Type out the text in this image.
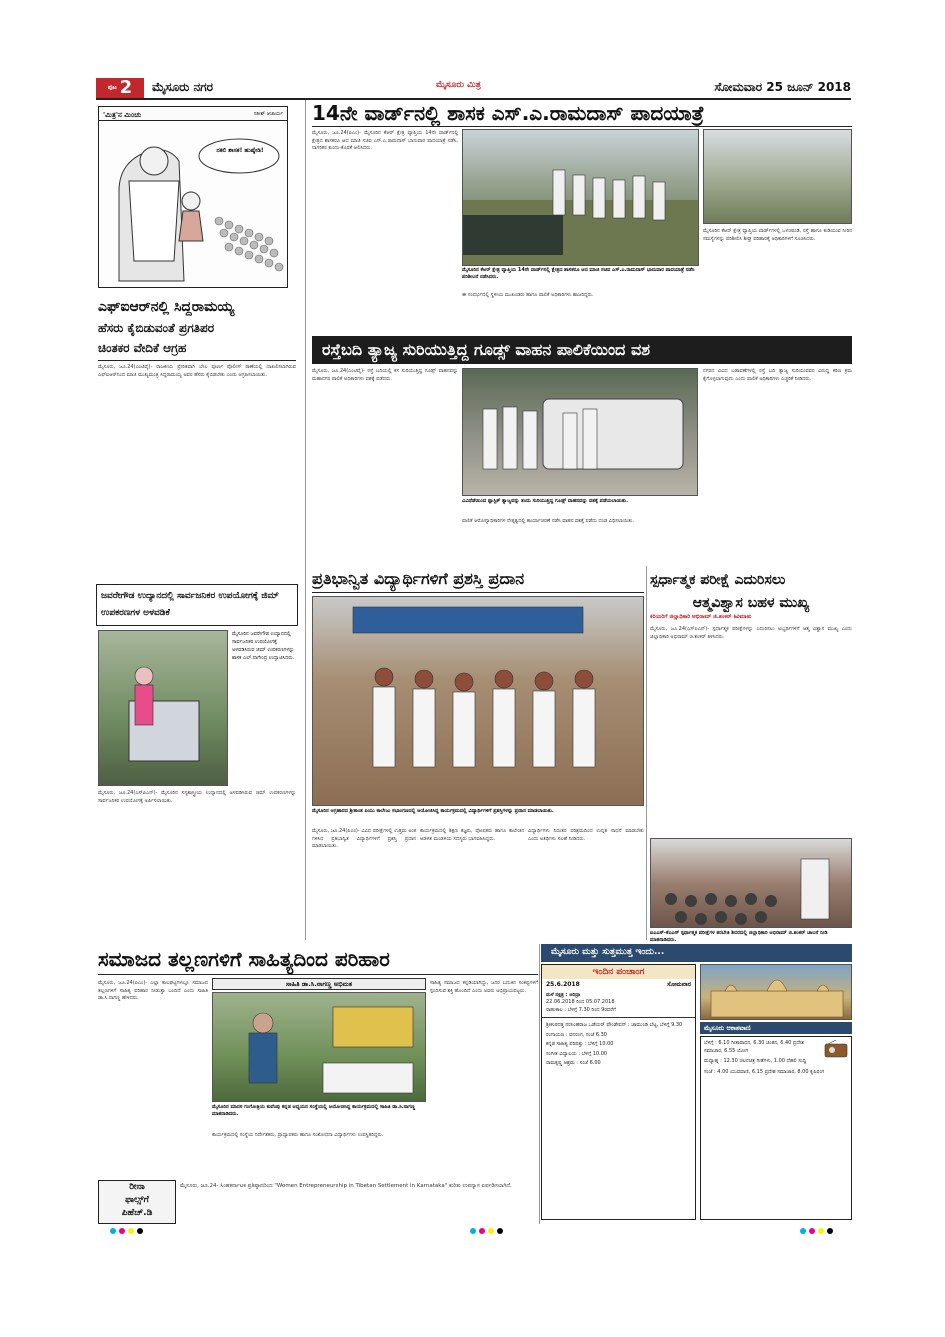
ಪುಟ 2 ಮೈಸೂರು ನಗರ	ಮೈಸೂರು ಮಿತ್ರ	ಸೋಮವಾರ 25 ಜೂನ್ 2018
'ಮಿತ್ರ'ನ ಮಿಂಚು	ಸತೀಶ್ ಆಚಾರ್ಯ
ನಕಲಿ ಶಾಸಕ! ಹುಷ್ಕೇಡಿ!
14ನೇ ವಾರ್ಡ್‌ನಲ್ಲಿ ಶಾಸಕ ಎಸ್.ಎ.ರಾಮದಾಸ್ ಪಾದಯಾತ್ರೆ
ಮೈಸೂರು, ಜೂ.24(ಪಿಎಂ)- ಮೈಸೂರಿನ ಕೆಆರ್ ಕ್ಷೇತ್ರ ವ್ಯಾಪ್ತಿಯ 14ನೇ ವಾರ್ಡ್‌ನಲ್ಲಿ ಕ್ಷೇತ್ರದ ಶಾಸಕರೂ ಆದ ಮಾಜಿ ಸಚಿವ ಎಸ್.ಎ.ರಾಮದಾಸ್ ಭಾನುವಾರ ಪಾದಯಾತ್ರೆ ನಡೆಸಿ, ನಾಗರಿಕರ ಕುಂದು-ಕೊರತೆ ಆಲಿಸಿದರು.
ಮೈಸೂರಿನ ಕೆಆರ್ ಕ್ಷೇತ್ರ ವ್ಯಾಪ್ತಿಯ 14ನೇ ವಾರ್ಡ್‌ನಲ್ಲಿ ಕ್ಷೇತ್ರದ ಶಾಸಕರೂ ಆದ ಮಾಜಿ ಸಚಿವ ಎಸ್.ಎ.ರಾಮದಾಸ್ ಭಾನುವಾರ ಪಾದಯಾತ್ರೆ ನಡೆಸಿ ಪರಿಶೀಲನೆ ನಡೆಸಿದರು.
ಮೈಸೂರಿನ ಕೆಆರ್ ಕ್ಷೇತ್ರ ವ್ಯಾಪ್ತಿಯ ವಾರ್ಡ್‌ಗಳಲ್ಲಿ ಒಳಚರಂಡಿ, ರಸ್ತೆ ಹಾಗೂ ಕುಡಿಯುವ ನೀರಿನ ಸಮಸ್ಯೆಗಳನ್ನು ಪರಿಶೀಲಿಸಿ ಶೀಘ್ರ ಪರಿಹಾರಕ್ಕೆ ಅಧಿಕಾರಿಗಳಿಗೆ ಸೂಚಿಸಿದರು.
ಈ ಸಂದರ್ಭದಲ್ಲಿ ಸ್ಥಳೀಯ ಮುಖಂಡರು ಹಾಗೂ ಪಾಲಿಕೆ ಅಧಿಕಾರಿಗಳು ಹಾಜರಿದ್ದರು.
ಎಫ್‌ಐಆರ್‌ನಲ್ಲಿ ಸಿದ್ದರಾಮಯ್ಯ
ಹೆಸರು ಕೈಬಿಡುವಂತೆ ಪ್ರಗತಿಪರ
ಚಿಂತಕರ ವೇದಿಕೆ ಆಗ್ರಹ
ಮೈಸೂರು, ಜೂ.24(ಎಂಟಿವೈ)- ರಾಜಕೀಯ ಪ್ರೇರಿತವಾಗಿ ಬೇಲ ಪೂರ್ಣ ಪೊಲೀಸ್ ಠಾಣೆಯಲ್ಲಿ ದಾಖಲಿಸಲಾಗಿರುವ ಎಫ್‌ಐಆರ್‌ನಿಂದ ಮಾಜಿ ಮುಖ್ಯಮಂತ್ರಿ ಸಿದ್ದರಾಮಯ್ಯ ಅವರ ಹೆಸರು ಕೈಬಿಡಬೇಕು ಎಂದು ಆಗ್ರಹಿಸಲಾಯಿತು.
ರಸ್ತೆಬದಿ ತ್ಯಾಜ್ಯ ಸುರಿಯುತ್ತಿದ್ದ ಗೂಡ್ಸ್ ವಾಹನ ಪಾಲಿಕೆಯಿಂದ ವಶ
ಮೈಸೂರು, ಜೂ.24(ಎಂಟಿವೈ)- ರಸ್ತೆ ಬದಿಯಲ್ಲಿ ಕಸ ಸುರಿಯುತ್ತಿದ್ದ ಗೂಡ್ಸ್ ವಾಹನವನ್ನು ಮಹಾನಗರ ಪಾಲಿಕೆ ಅಧಿಕಾರಿಗಳು ವಶಕ್ಕೆ ಪಡೆದರು.
ವಿವಿಧೆಡೆಯಿಂದ ಪ್ಲಾಸ್ಟಿಕ್ ತ್ಯಾಜ್ಯವನ್ನು ತಂದು ಸುರಿಯುತ್ತಿದ್ದ ಗೂಡ್ಸ್ ವಾಹನವನ್ನು ವಶಕ್ಕೆ ಪಡೆಯಲಾಯಿತು.
ಪಾಲಿಕೆ ಆರೋಗ್ಯಾಧಿಕಾರಿಗಳ ನೇತೃತ್ವದಲ್ಲಿ ಕಾರ್ಯಾಚರಣೆ ನಡೆಸಿ ವಾಹನ ವಶಕ್ಕೆ ಪಡೆದು ದಂಡ ವಿಧಿಸಲಾಯಿತು.
ನಗರದ ವಿವಿಧ ಬಡಾವಣೆಗಳಲ್ಲಿ ರಸ್ತೆ ಬದಿ ತ್ಯಾಜ್ಯ ಸುರಿಯುವವರ ವಿರುದ್ಧ ಕಠಿಣ ಕ್ರಮ ಕೈಗೊಳ್ಳಲಾಗುವುದು ಎಂದು ಪಾಲಿಕೆ ಅಧಿಕಾರಿಗಳು ಎಚ್ಚರಿಕೆ ನೀಡಿದರು.
ಜವರೇಗೌಡ ಉದ್ಯಾನದಲ್ಲಿ ಸಾರ್ವಜನಿಕರ ಉಪಯೋಗಕ್ಕೆ ಜಿಮ್ ಉಪಕರಣಗಳ ಅಳವಡಿಕೆ
ಮೈಸೂರಿನ ಜವರೇಗೌಡ ಉದ್ಯಾನದಲ್ಲಿ ಸಾರ್ವಜನಿಕರ ಉಪಯೋಗಕ್ಕೆ ಅಳವಡಿಸಿರುವ ಜಿಮ್ ಉಪಕರಣಗಳನ್ನು ಶಾಸಕ ಎಲ್.ನಾಗೇಂದ್ರ ಉದ್ಘಾಟಿಸಿದರು.
ಮೈಸೂರು, ಜೂ.24(ಎಸ್‌ಪಿಎನ್)- ಮೈಸೂರಿನ ಸಸ್ಯಶಾಸ್ತ್ರೀಯ ಉದ್ಯಾನದಲ್ಲಿ ಅಳವಡಿಸಿರುವ ಜಿಮ್ ಉಪಕರಣಗಳನ್ನು ಸಾರ್ವಜನಿಕರ ಉಪಯೋಗಕ್ಕೆ ಅರ್ಪಿಸಲಾಯಿತು.
ಪ್ರತಿಭಾನ್ವಿತ ವಿದ್ಯಾರ್ಥಿಗಳಿಗೆ ಪ್ರಶಸ್ತಿ ಪ್ರದಾನ
ಮೈಸೂರಿನ ಅಗ್ರಹಾರದ ಶ್ರೀಕಾಂತ ಪಿಯು ಕಾಲೇಜು ಸಭಾಂಗಣದಲ್ಲಿ ಆಯೋಜಿಸಿದ್ದ ಕಾರ್ಯಕ್ರಮದಲ್ಲಿ ವಿದ್ಯಾರ್ಥಿಗಳಿಗೆ ಪ್ರಶಸ್ತಿಗಳನ್ನು ಪ್ರದಾನ ಮಾಡಲಾಯಿತು.
ಮೈಸೂರು, ಜೂ.24(ಪಿಎಂ)- ವಿವಿಧ ಪರೀಕ್ಷೆಗಳಲ್ಲಿ ಉತ್ತಮ ಅಂಕ ಗಳಿಸಿದ ಪ್ರತಿಭಾನ್ವಿತ ವಿದ್ಯಾರ್ಥಿಗಳಿಗೆ ಪ್ರಶಸ್ತಿ ಪ್ರದಾನ ಮಾಡಲಾಯಿತು.
ಕಾರ್ಯಕ್ರಮದಲ್ಲಿ ಶಿಕ್ಷಣ ತಜ್ಞರು, ಪೋಷಕರು ಹಾಗೂ ಕಾಲೇಜಿನ ಆಡಳಿತ ಮಂಡಳಿಯ ಸದಸ್ಯರು ಭಾಗವಹಿಸಿದ್ದರು.
ವಿದ್ಯಾರ್ಥಿಗಳು ನಿರಂತರ ಪರಿಶ್ರಮದಿಂದ ಉನ್ನತ ಸಾಧನೆ ಮಾಡಬೇಕು ಎಂದು ಅತಿಥಿಗಳು ಸಲಹೆ ನೀಡಿದರು.
ಸ್ಪರ್ಧಾತ್ಮಕ ಪರೀಕ್ಷೆ ಎದುರಿಸಲು
ಆತ್ಮವಿಶ್ವಾಸ ಬಹಳ ಮುಖ್ಯ
ಕಿರಿಯರಿಗೆ ಜಿಲ್ಲಾಧಿಕಾರಿ ಅಭಿರಾಮ್ ಜಿ.ಶಂಕರ್ ಕಿವಿಮಾತು
ಮೈಸೂರು, ಜೂ.24(ಎಸ್‌ಪಿಎನ್)- ಸ್ಪರ್ಧಾತ್ಮಕ ಪರೀಕ್ಷೆಗಳನ್ನು ಎದುರಿಸಲು ಅಭ್ಯರ್ಥಿಗಳಿಗೆ ಆತ್ಮ ವಿಶ್ವಾಸ ಮುಖ್ಯ ಎಂದು ಜಿಲ್ಲಾಧಿಕಾರಿ ಅಭಿರಾಮ್ ಜಿ.ಶಂಕರ್ ತಿಳಿಸಿದರು.
ಐಎಎಸ್-ಕೆಎಎಸ್ ಸ್ಪರ್ಧಾತ್ಮಕ ಪರೀಕ್ಷೆಗಳ ತರಬೇತಿ ಶಿಬಿರದಲ್ಲಿ ಜಿಲ್ಲಾಧಿಕಾರಿ ಅಭಿರಾಮ್ ಜಿ.ಶಂಕರ್ ಚಾಲನೆ ನೀಡಿ ಮಾತನಾಡಿದರು.
ಸಮಾಜದ ತಲ್ಲಣಗಳಿಗೆ ಸಾಹಿತ್ಯದಿಂದ ಪರಿಹಾರ
ಮೈಸೂರು, ಜೂ.24(ಪಿಎಂ)- ಎಲ್ಲಾ ಕಾಲಘಟ್ಟಗಳಲ್ಲೂ ಸಮಾಜದ ತಲ್ಲಣಗಳಿಗೆ ಸಾಹಿತ್ಯ ಪರಿಹಾರ ನೀಡುತ್ತಾ ಬಂದಿದೆ ಎಂದು ಸಾಹಿತಿ ಡಾ.ಸಿ.ನಾಗಣ್ಣ ಹೇಳಿದರು.
ಸಾಹಿತಿ ಡಾ.ಸಿ.ನಾಗಣ್ಣ ಅಭಿಮತ
ಮೈಸೂರಿನ ಮಾನಸ ಗಂಗೋತ್ರಿಯ ಕುವೆಂಪು ಕನ್ನಡ ಅಧ್ಯಯನ ಸಂಸ್ಥೆಯಲ್ಲಿ ಆಯೋಜಿಸಿದ್ದ ಕಾರ್ಯಕ್ರಮದಲ್ಲಿ ಸಾಹಿತಿ ಡಾ.ಸಿ.ನಾಗಣ್ಣ ಮಾತನಾಡಿದರು.
ಸಾಹಿತ್ಯ ಸಮಾಜದ ಕನ್ನಡಿಯಾಗಿದ್ದು, ಜನರ ಬದುಕಿನ ಸಂಕಷ್ಟಗಳಿಗೆ ಸ್ಪಂದಿಸುವ ಶಕ್ತಿ ಹೊಂದಿದೆ ಎಂದು ಅವರು ಅಭಿಪ್ರಾಯಪಟ್ಟರು.
ಕಾರ್ಯಕ್ರಮದಲ್ಲಿ ಸಂಸ್ಥೆಯ ನಿರ್ದೇಶಕರು, ಪ್ರಾಧ್ಯಾಪಕರು ಹಾಗೂ ಸಂಶೋಧನಾ ವಿದ್ಯಾರ್ಥಿಗಳು ಉಪಸ್ಥಿತರಿದ್ದರು.
ರೀನಾ
ಫಾಲ್ಸ್‌ಗೆ
ಪಿಹೆಚ್.ಡಿ
ಮೈಸೂರು, ಜೂ.24- ಸಿಂಹಕರ್ನಾಟಕ ಪ್ರತಿಷ್ಠಾನದಿಂದ "Women Entrepreneurship in Tibetan Settlement in Karnataka" ಕುರಿತು ಉಪನ್ಯಾಸ ಏರ್ಪಡಿಸಲಾಗಿದೆ.
ಮೈಸೂರು ಮತ್ತು ಸುತ್ತಮುತ್ತ ಇಂದು...
ಇಂದಿನ ಪಂಚಾಂಗ
25.6.2018	ಸೋಮವಾರ
ಮಳೆ ನಕ್ಷತ್ರ : ಆರಿದ್ರಾ
22.06.2018 ರಿಂದ 05.07.2018
ರಾಹುಕಾಲ : ಬೆಳಿಗ್ಗೆ 7.30 ರಿಂದ 9ರವರೆಗೆ
ಶ್ರೀಕಂಠದತ್ತ ನರಸಿಂಹರಾಜ ಒಡೆಯರ್ ಫೌಂಡೇಷನ್ : ಚಾಮುಂಡಿ ಬೆಟ್ಟ, ಬೆಳಿಗ್ಗೆ 9.30
ರಂಗಾಯಣ : ವನರಂಗ, ಸಂಜೆ 6.30
ಕನ್ನಡ ಸಾಹಿತ್ಯ ಪರಿಷತ್ತು : ಬೆಳಿಗ್ಗೆ 10.00
ಸಂಗೀತ ವಿದ್ಯಾಲಯ : ಬೆಳಿಗ್ಗೆ 10.00
ರಾಮಕೃಷ್ಣ ಆಶ್ರಮ : ಸಂಜೆ 6.00
ಮೈಸೂರು ಆಕಾಶವಾಣಿ
ಬೆಳಿಗ್ಗೆ : 6.10 ಗೀತಾರಾಧನ, 6.30 ಚಿಂತನ, 6.40 ಪ್ರದೇಶ ಸಮಾಚಾರ, 6.55 ಯೋಗ
ಮಧ್ಯಾಹ್ನ : 12.30 ಚಲನಚಿತ್ರ ಗೀತೆಗಳು, 1.00 ದೆಹಲಿ ಸುದ್ದಿ
ಸಂಜೆ : 4.00 ಯುವವಾಣಿ, 6.15 ಪ್ರದೇಶ ಸಮಾಚಾರ, 8.00 ಕೃಷಿರಂಗ
